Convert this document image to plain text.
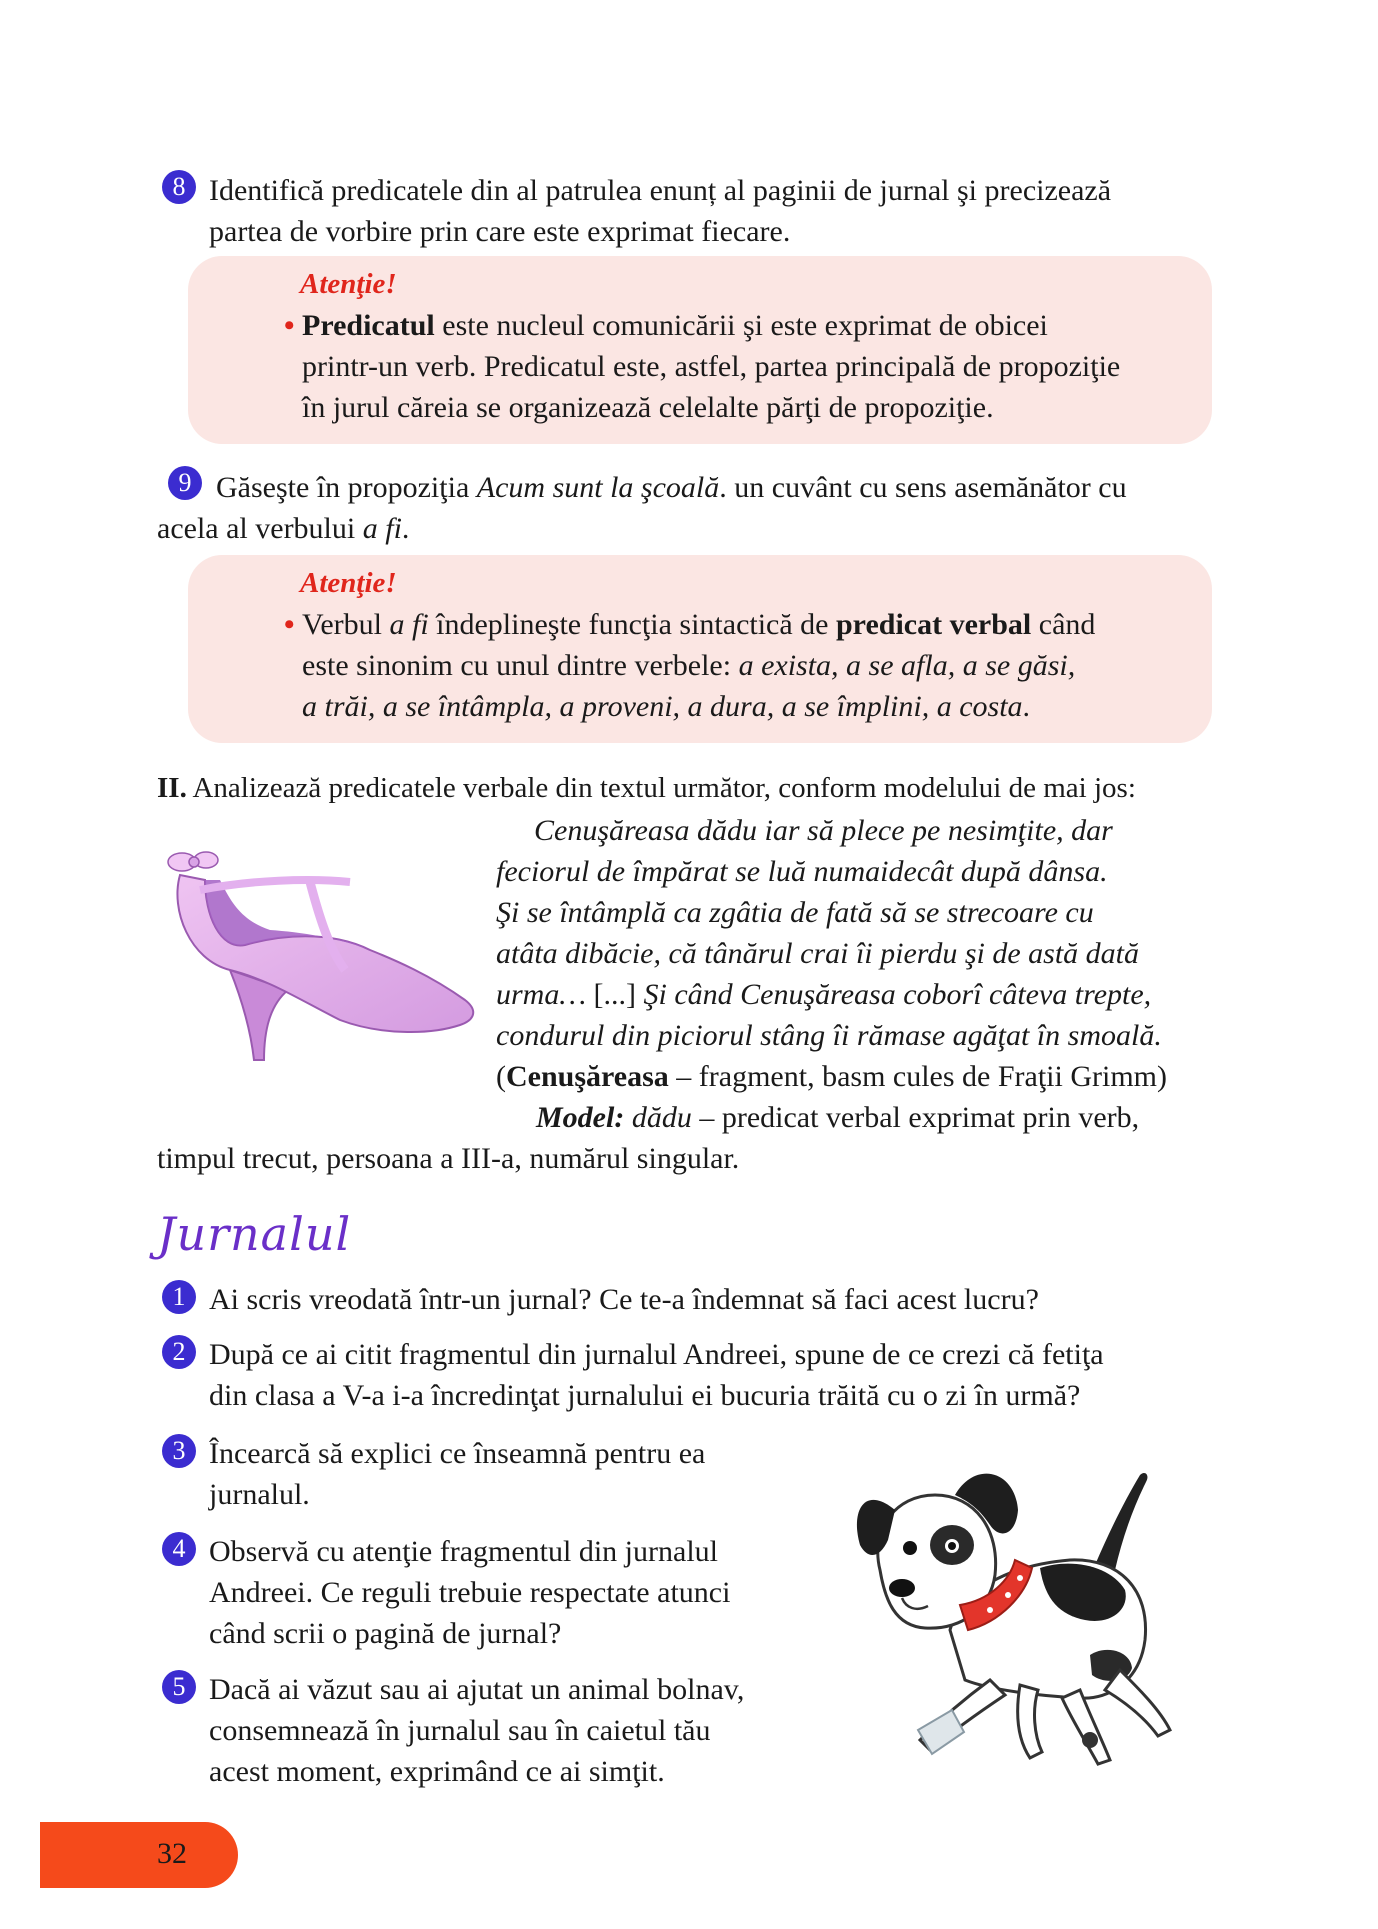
8 Identifică predicatele din al patrulea enunț al paginii de jurnal şi precizează
partea de vorbire prin care este exprimat fiecare.
Atenţie!
• Predicatul este nucleul comunicării şi este exprimat de obicei
printr-un verb. Predicatul este, astfel, partea principală de propoziţie
în jurul căreia se organizează celelalte părţi de propoziţie.
9 Găseşte în propoziţia Acum sunt la şcoală. un cuvânt cu sens asemănător cu
acela al verbului a fi.
Atenţie!
• Verbul a fi îndeplineşte funcţia sintactică de predicat verbal când
este sinonim cu unul dintre verbele: a exista, a se afla, a se găsi,
a trăi, a se întâmpla, a proveni, a dura, a se împlini, a costa.
II. Analizează predicatele verbale din textul următor, conform modelului de mai jos:
Cenuşăreasa dădu iar să plece pe nesimţite, dar
feciorul de împărat se luă numaidecât după dânsa.
Şi se întâmplă ca zgâtia de fată să se strecoare cu
atâta dibăcie, că tânărul crai îi pierdu şi de astă dată
urma… [...] Şi când Cenuşăreasa coborî câteva trepte,
condurul din piciorul stâng îi rămase agăţat în smoală.
(Cenuşăreasa – fragment, basm cules de Fraţii Grimm)
Model: dădu – predicat verbal exprimat prin verb,
timpul trecut, persoana a III-a, numărul singular.
Jurnalul
1 Ai scris vreodată într-un jurnal? Ce te-a îndemnat să faci acest lucru?
2 După ce ai citit fragmentul din jurnalul Andreei, spune de ce crezi că fetiţa
din clasa a V-a i-a încredinţat jurnalului ei bucuria trăită cu o zi în urmă?
3 Încearcă să explici ce înseamnă pentru ea
jurnalul.
4 Observă cu atenţie fragmentul din jurnalul
Andreei. Ce reguli trebuie respectate atunci
când scrii o pagină de jurnal?
5 Dacă ai văzut sau ai ajutat un animal bolnav,
consemnează în jurnalul sau în caietul tău
acest moment, exprimând ce ai simţit.
32
